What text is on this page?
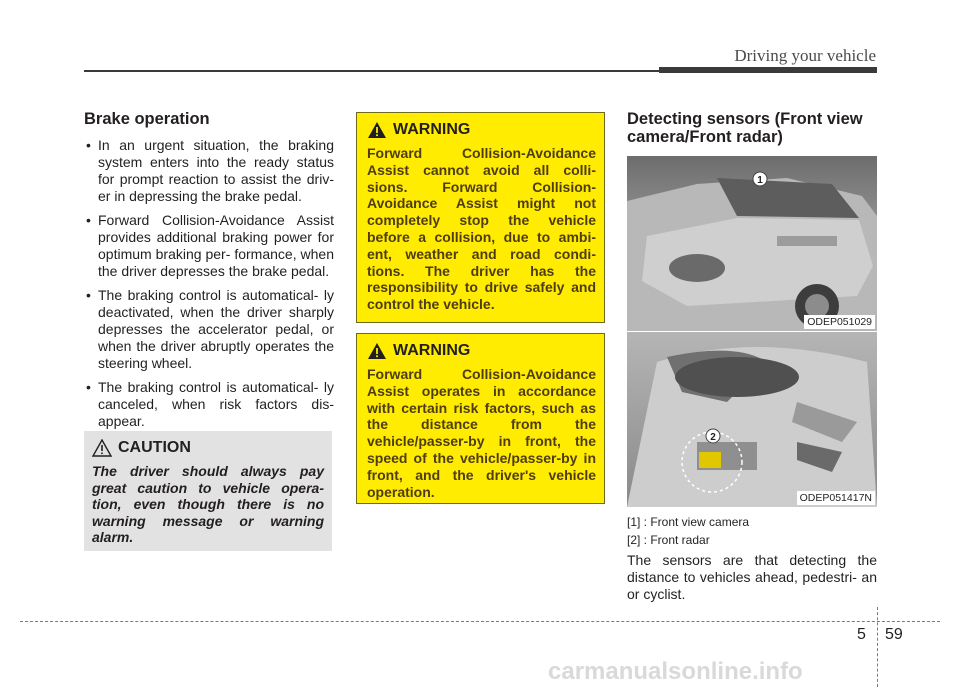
Driving your vehicle
Brake operation
• In an urgent situation, the braking system enters into the ready status for prompt reaction to assist the driv- er in depressing the brake pedal.
• Forward Collision-Avoidance Assist provides additional braking power for optimum braking per- formance, when the driver depresses the brake pedal.
• The braking control is automatical- ly deactivated, when the driver sharply depresses the accelerator pedal, or when the driver abruptly operates the steering wheel.
• The braking control is automatical- ly canceled, when risk factors dis- appear.
CAUTION
The driver should always pay great caution to vehicle opera- tion, even though there is no warning message or warning alarm.
WARNING
Forward Collision-Avoidance Assist cannot avoid all colli- sions. Forward Collision- Avoidance Assist might not completely stop the vehicle before a collision, due to ambi- ent, weather and road condi- tions. The driver has the responsibility to drive safely and control the vehicle.
WARNING
Forward Collision-Avoidance Assist operates in accordance with certain risk factors, such as the distance from the vehicle/passer-by in front, the speed of the vehicle/passer-by in front, and the driver's vehicle operation.
Detecting sensors (Front view camera/Front radar)
1
ODEP051029
2
ODEP051417N
[1] : Front view camera
[2] : Front radar
The sensors are that detecting the distance to vehicles ahead, pedestri- an or cyclist.
5 59
carmanualsonline.info
